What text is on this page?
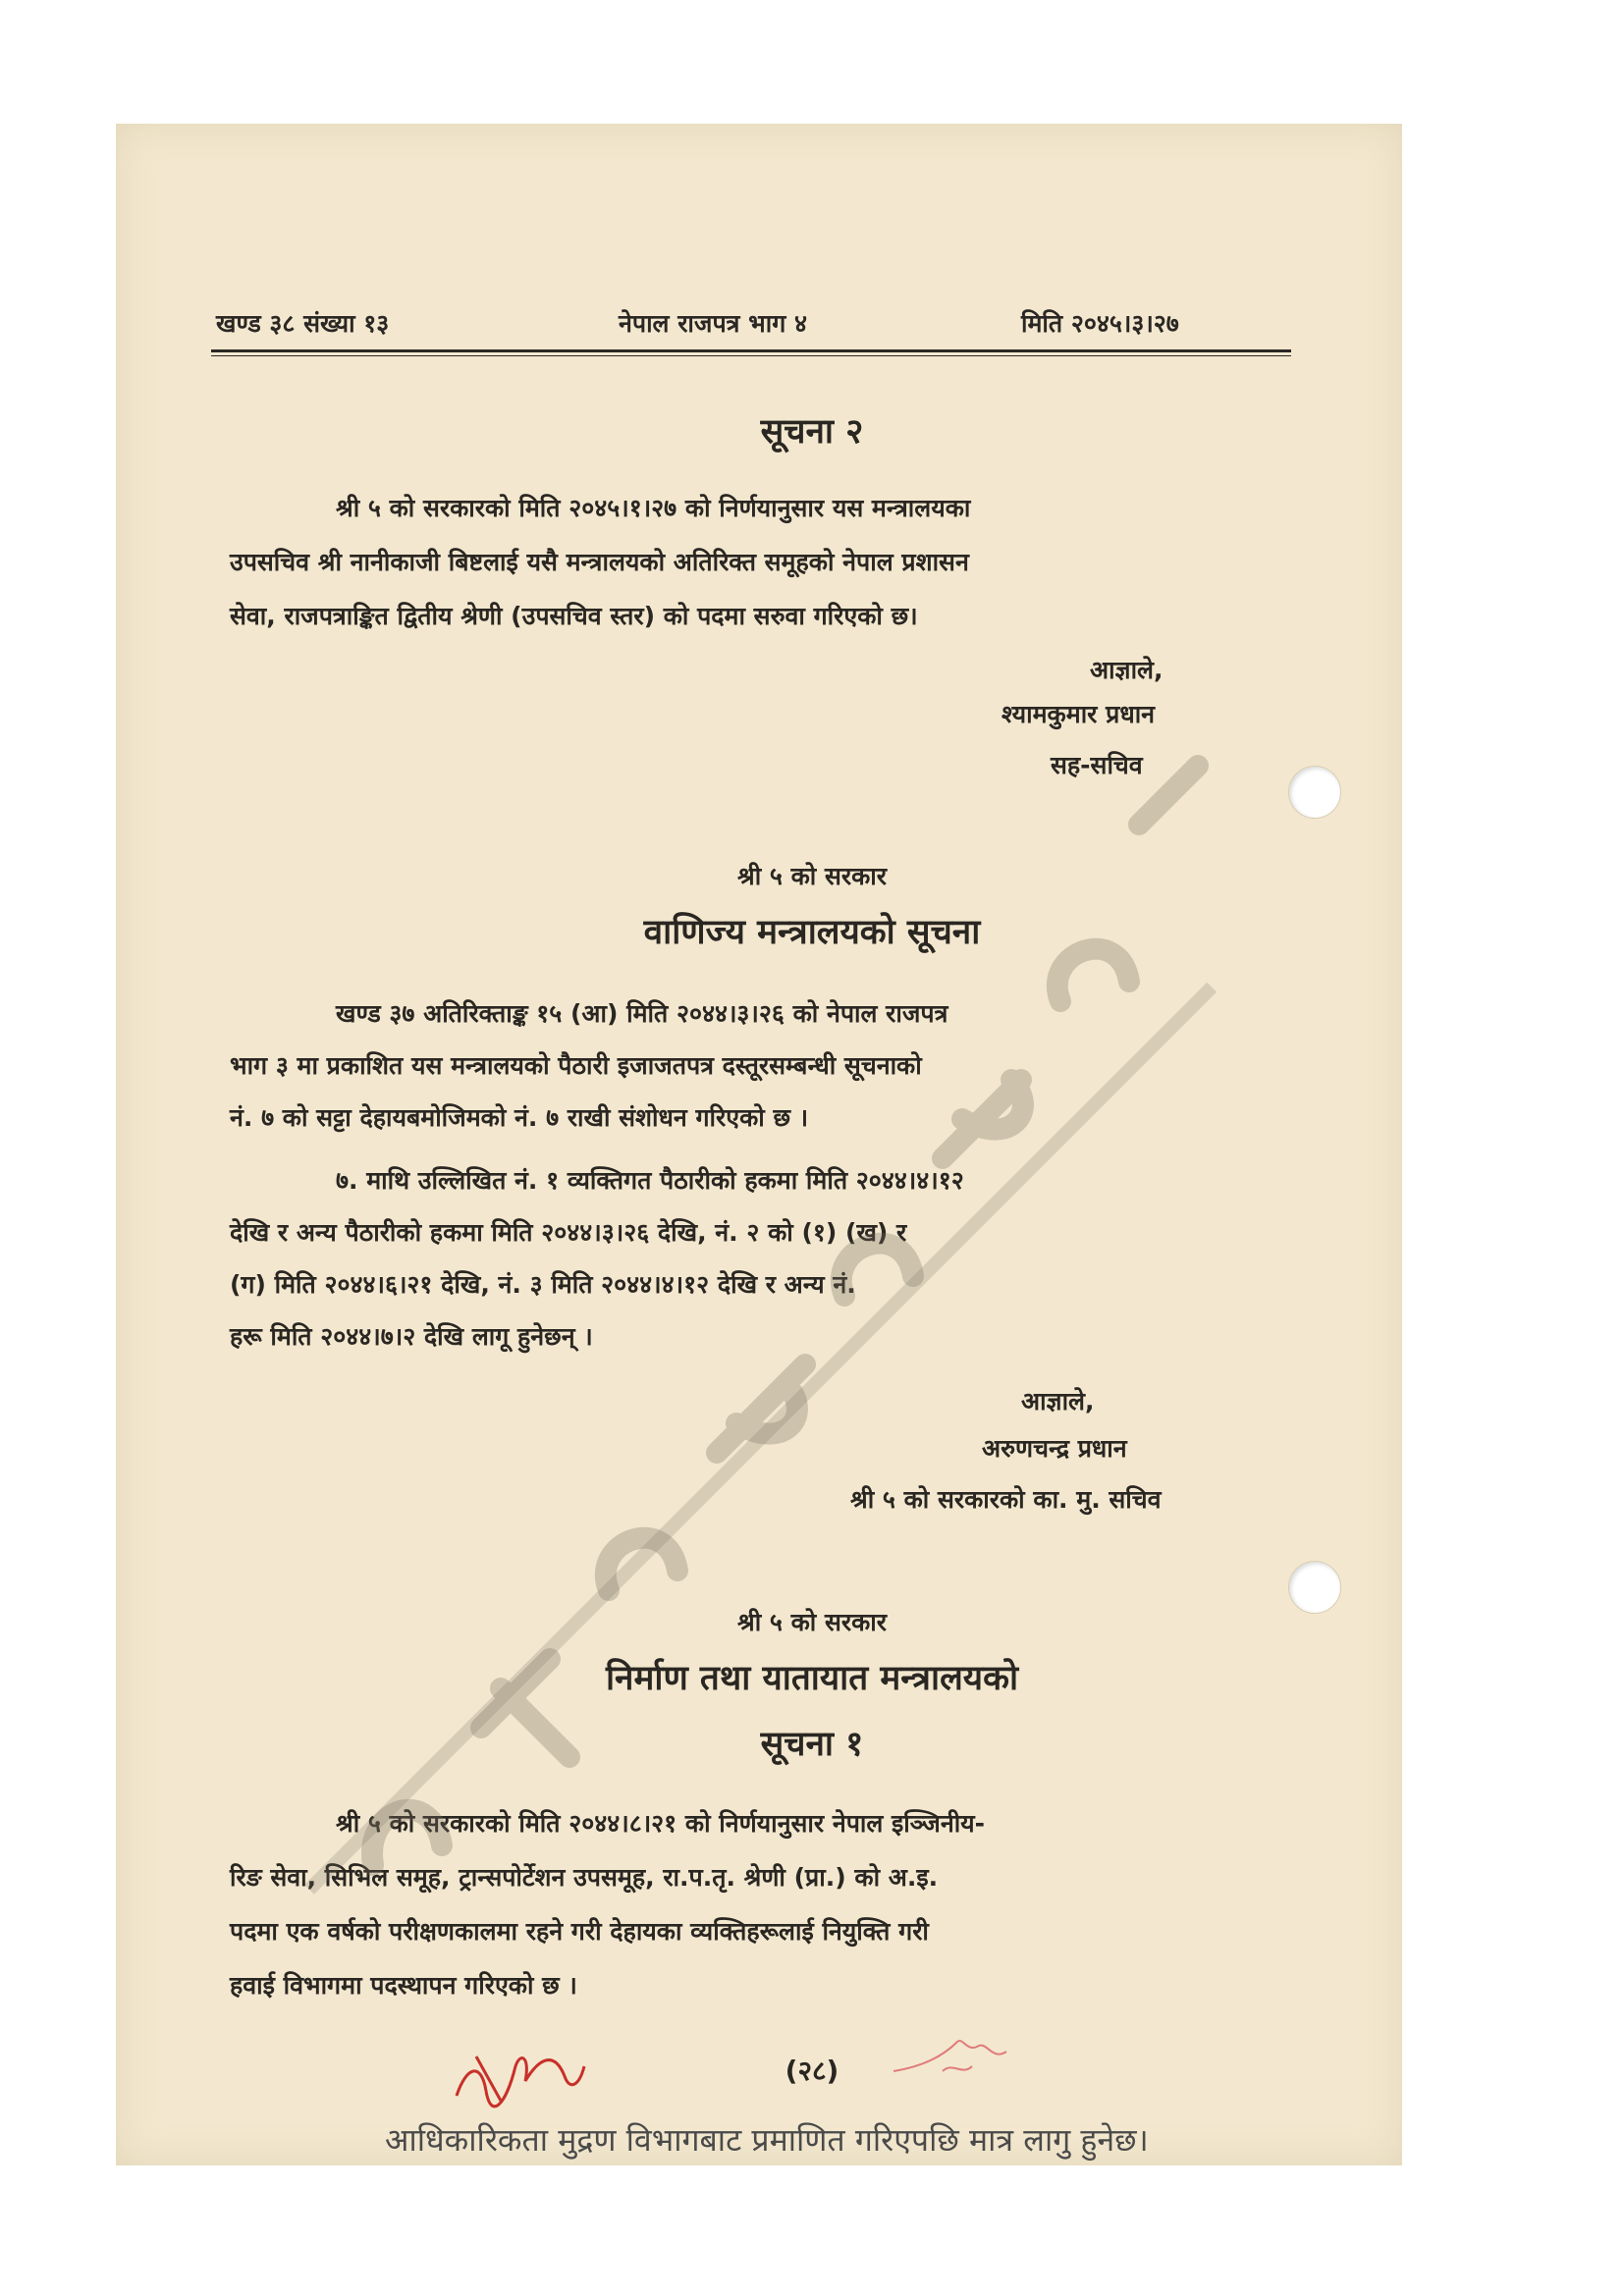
खण्ड ३८ संख्या १३	नेपाल राजपत्र भाग ४	मिति २०४५।३।२७
सूचना २
श्री ५ को सरकारको मिति २०४५।१।२७ को निर्णयानुसार यस मन्त्रालयका
उपसचिव श्री नानीकाजी बिष्टलाई यसै मन्त्रालयको अतिरिक्त समूहको नेपाल प्रशासन
सेवा, राजपत्राङ्कित द्वितीय श्रेणी (उपसचिव स्तर) को पदमा सरुवा गरिएको छ।
आज्ञाले,
श्यामकुमार प्रधान
सह-सचिव
श्री ५ को सरकार
वाणिज्य मन्त्रालयको सूचना
खण्ड ३७ अतिरिक्ताङ्क १५ (आ) मिति २०४४।३।२६ को नेपाल राजपत्र
भाग ३ मा प्रकाशित यस मन्त्रालयको पैठारी इजाजतपत्र दस्तूरसम्बन्धी सूचनाको
नं. ७ को सट्टा देहायबमोजिमको नं. ७ राखी संशोधन गरिएको छ ।
७. माथि उल्लिखित नं. १ व्यक्तिगत पैठारीको हकमा मिति २०४४।४।१२
देखि र अन्य पैठारीको हकमा मिति २०४४।३।२६ देखि, नं. २ को (१) (ख) र
(ग) मिति २०४४।६।२१ देखि, नं. ३ मिति २०४४।४।१२ देखि र अन्य नं.
हरू मिति २०४४।७।२ देखि लागू हुनेछन् ।
आज्ञाले,
अरुणचन्द्र प्रधान
श्री ५ को सरकारको का. मु. सचिव
श्री ५ को सरकार
निर्माण तथा यातायात मन्त्रालयको
सूचना १
श्री ५ को सरकारको मिति २०४४।८।२१ को निर्णयानुसार नेपाल इञ्जिनीय-
रिङ सेवा, सिभिल समूह, ट्रान्सपोर्टेशन उपसमूह, रा.प.तृ. श्रेणी (प्रा.) को अ.इ.
पदमा एक वर्षको परीक्षणकालमा रहने गरी देहायका व्यक्तिहरूलाई नियुक्ति गरी
हवाई विभागमा पदस्थापन गरिएको छ ।
(२८)
आधिकारिकता मुद्रण विभागबाट प्रमाणित गरिएपछि मात्र लागु हुनेछ।
